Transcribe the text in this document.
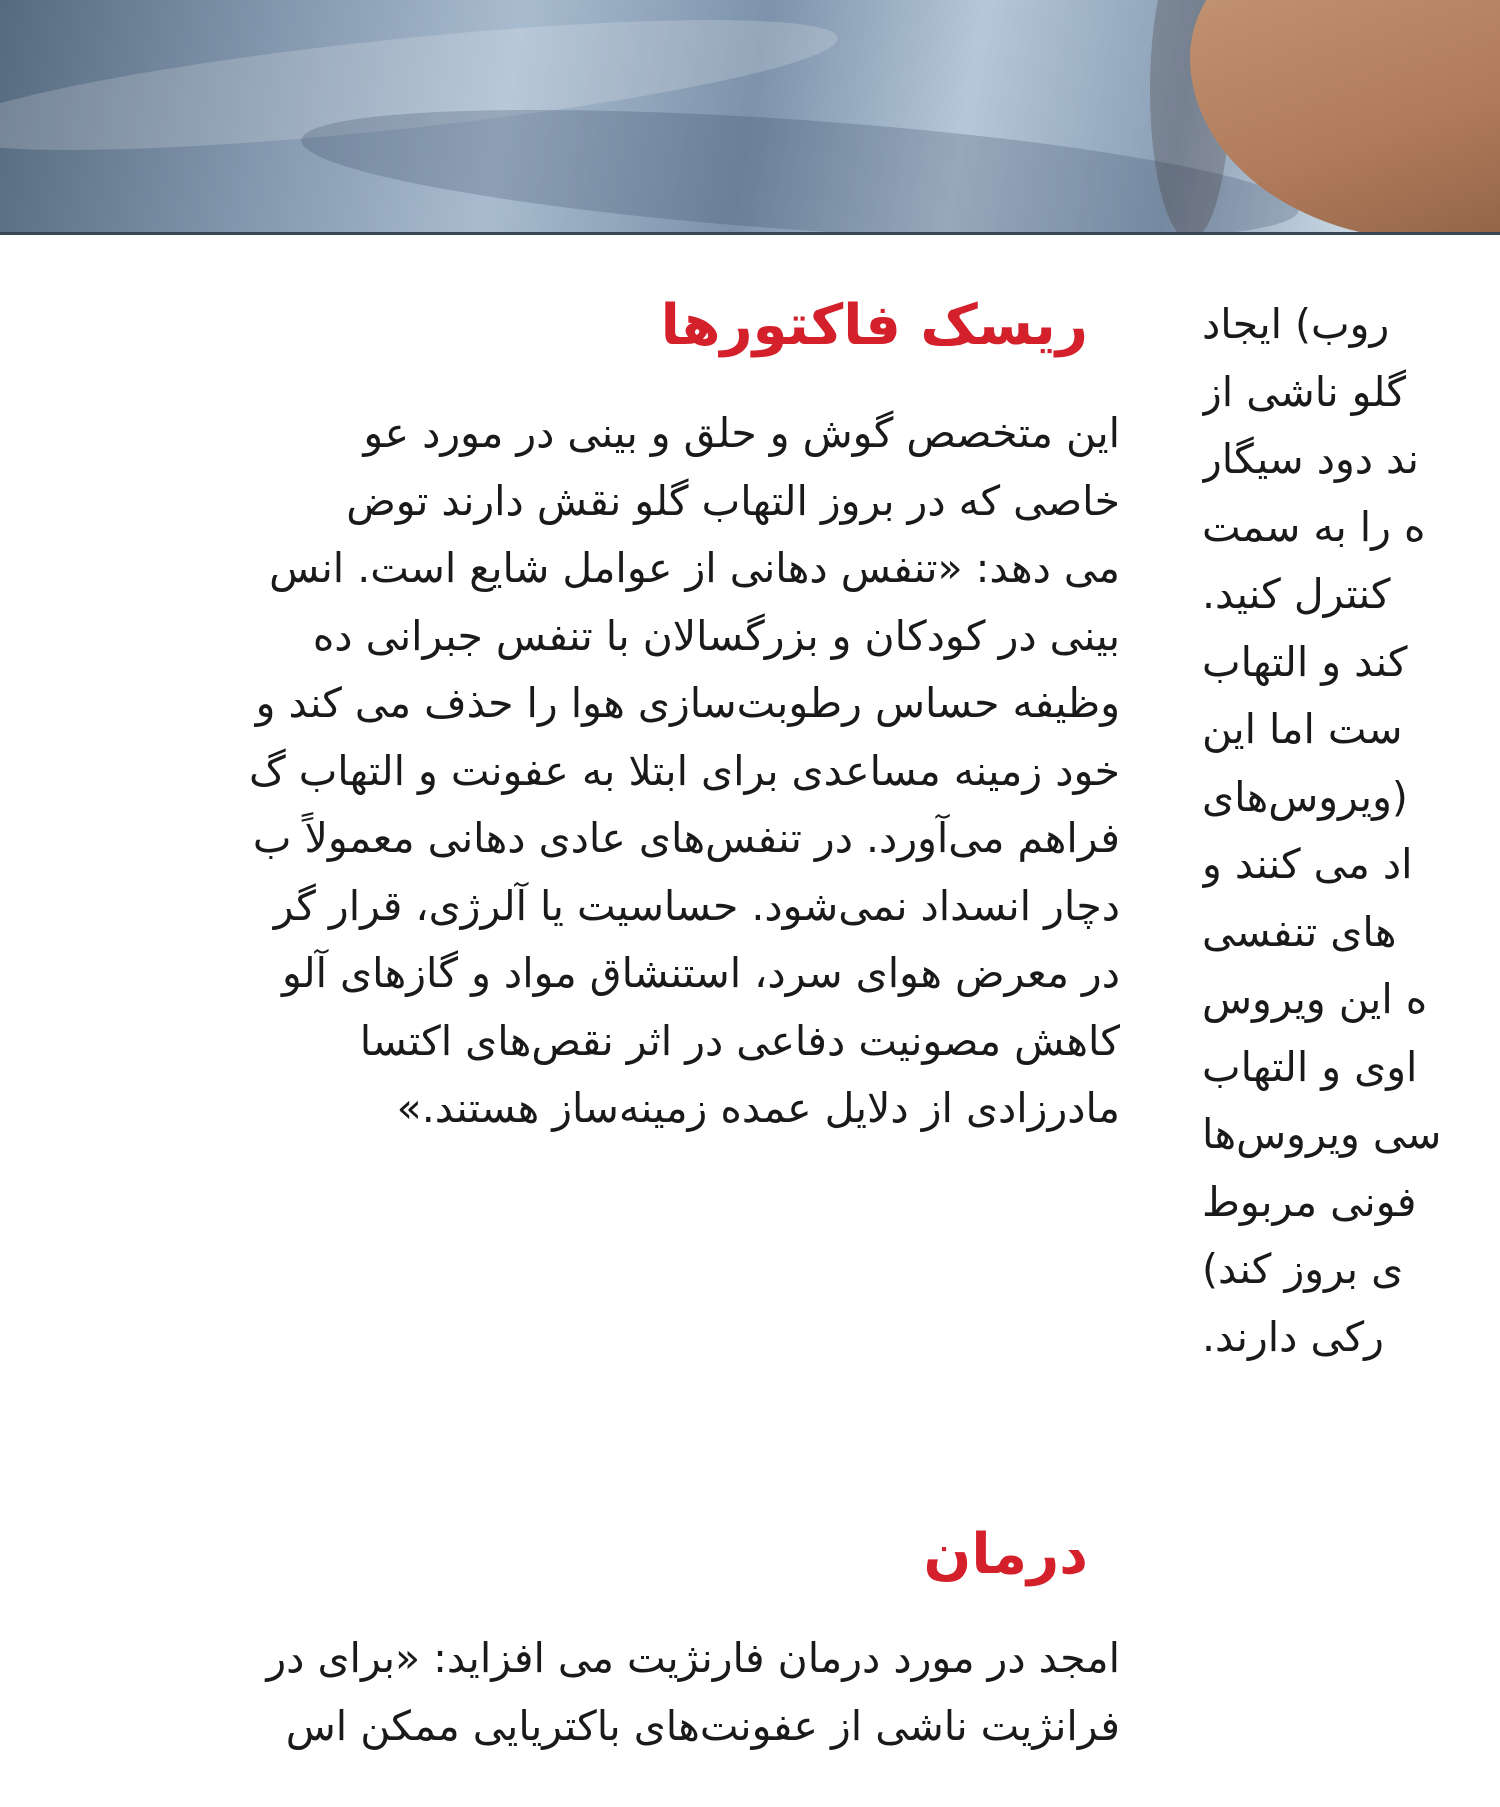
ریسک فاکتورها
این متخصص گوش و حلق و بینی در مورد عو
خاصی که در بروز التهاب گلو نقش دارند توض
می دهد: «تنفس دهانی از عوامل شایع است. انس
بینی در کودکان و بزرگسالان با تنفس جبرانی ده
وظیفه حساس رطوبت‌سازی هوا را حذف می کند و
خود زمینه مساعدی برای ابتلا به عفونت و التهاب گ
فراهم می‌آورد. در تنفس‌های عادی دهانی معمولاً ب
دچار انسداد نمی‌شود. حساسیت یا آلرژی، قرار گر
در معرض هوای سرد، استنشاق مواد و گازهای آلو
کاهش مصونیت دفاعی در اثر نقص‌های اکتسا
مادرزادی از دلایل عمده زمینه‌ساز هستند.»
امجد در مورد درمان فارنژیت می افزاید: «برای در
فرانژیت ناشی از عفونت‌های باکتریایی ممکن اس
درمان
روب) ایجاد
گلو ناشی از
ند دود سیگار
ه را به سمت
کنترل کنید.
کند و التهاب
ست اما این
(ویروس‌های
اد می کنند و
های تنفسی
ه این ویروس
اوی و التهاب
سی ویروس‌ها
فونی مربوط
ی بروز کند)
رکی دارند.
